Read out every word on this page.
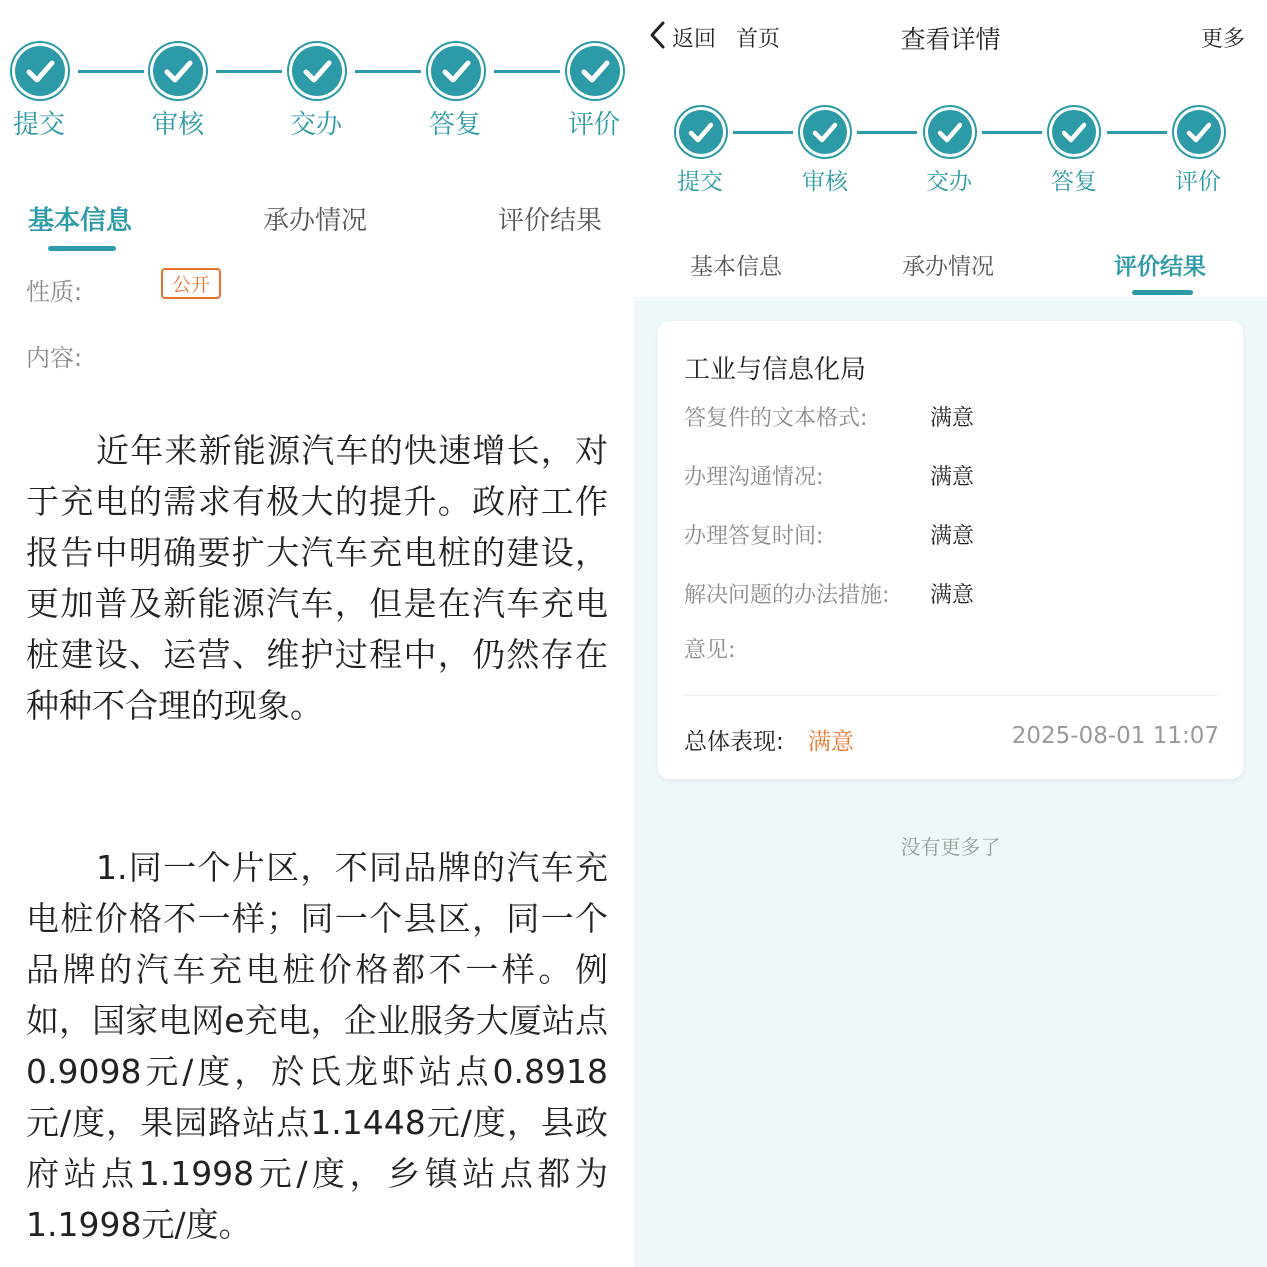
提交	审核	交办	答复	评价
基本信息	承办情况	评价结果
性质:	公开
内容:
近年来新能源汽车的快速增长，对于充电的需求有极大的提升。政府工作报告中明确要扩大汽车充电桩的建设，更加普及新能源汽车，但是在汽车充电桩建设、运营、维护过程中，仍然存在种种不合理的现象。
1.同一个片区，不同品牌的汽车充电桩价格不一样；同一个县区，同一个品牌的汽车充电桩价格都不一样。例如，国家电网e充电，企业服务大厦站点0.9098元/度，於氏龙虾站点0.8918元/度，果园路站点1.1448元/度，县政府站点1.1998元/度，乡镇站点都为1.1998元/度。
返回 首页	查看详情	更多
提交	审核	交办	答复	评价
基本信息	承办情况	评价结果
工业与信息化局
答复件的文本格式:	满意
办理沟通情况:	满意
办理答复时间:	满意
解决问题的办法措施: 满意
意见:
总体表现: 满意	2025-08-01 11:07
没有更多了
